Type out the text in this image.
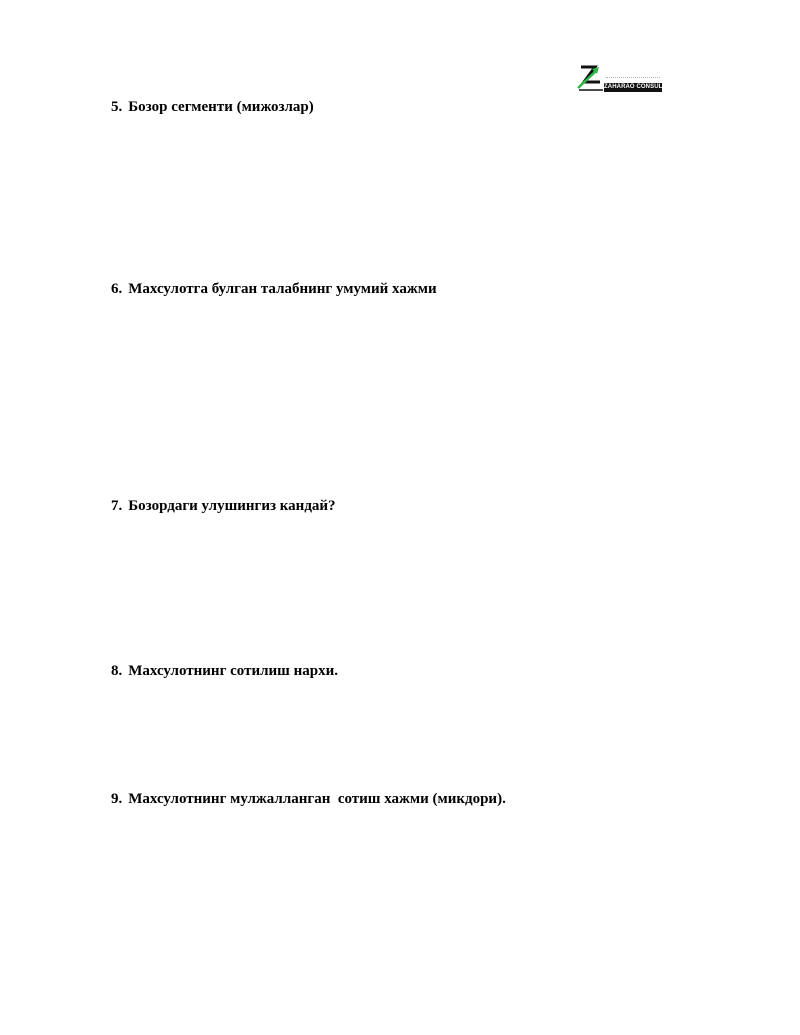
ZAHARAO CONSULTING
5. Бозор сегменти (мижозлар)
6. Махсулотга булган талабнинг умумий хажми
7. Бозордаги улушингиз кандай?
8. Махсулотнинг сотилиш нархи.
9. Махсулотнинг мулжалланган  сотиш хажми (микдори).
